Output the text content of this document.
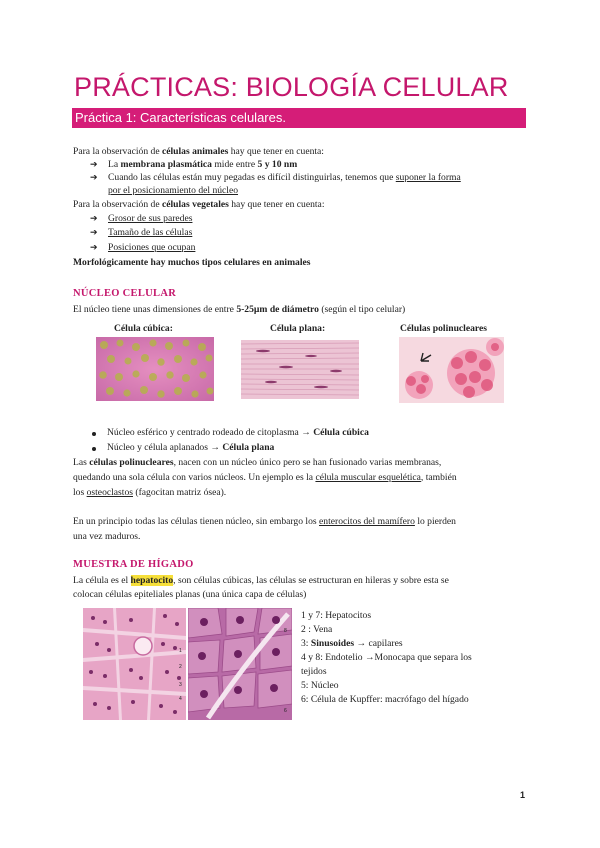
PRÁCTICAS: BIOLOGÍA CELULAR
Práctica 1: Características celulares.
Para la observación de células animales hay que tener en cuenta:
➔ La membrana plasmática mide entre 5 y 10 nm
➔ Cuando las células están muy pegadas es difícil distinguirlas, tenemos que suponer la forma
por el posicionamiento del núcleo
Para la observación de células vegetales hay que tener en cuenta:
➔ Grosor de sus paredes
➔ Tamaño de las células
➔ Posiciones que ocupan
Morfológicamente hay muchos tipos celulares en animales
NÚCLEO CELULAR
El núcleo tiene unas dimensiones de entre 5-25µm de diámetro (según el tipo celular)
Célula cúbica:	Célula plana:	Células polinucleares
Núcleo esférico y centrado rodeado de citoplasma → Célula cúbica
Núcleo y célula aplanados → Célula plana
Las células polinucleares, nacen con un núcleo único pero se han fusionado varias membranas,
quedando una sola célula con varios núcleos. Un ejemplo es la célula muscular esquelética, también
los osteoclastos (fagocitan matriz ósea).
En un principio todas las células tienen núcleo, sin embargo los enterocitos del mamífero lo pierden
una vez maduros.
MUESTRA DE HÍGADO
La célula es el hepatocito, son células cúbicas, las células se estructuran en hileras y sobre esta se
colocan células epiteliales planas (una única capa de células)
1
2
3
4
6
8
1 y 7: Hepatocitos
2 : Vena
3: Sinusoides → capilares
4 y 8: Endotelio →Monocapa que separa los
tejidos
5: Núcleo
6: Célula de Kupffer: macrófago del hígado
1
